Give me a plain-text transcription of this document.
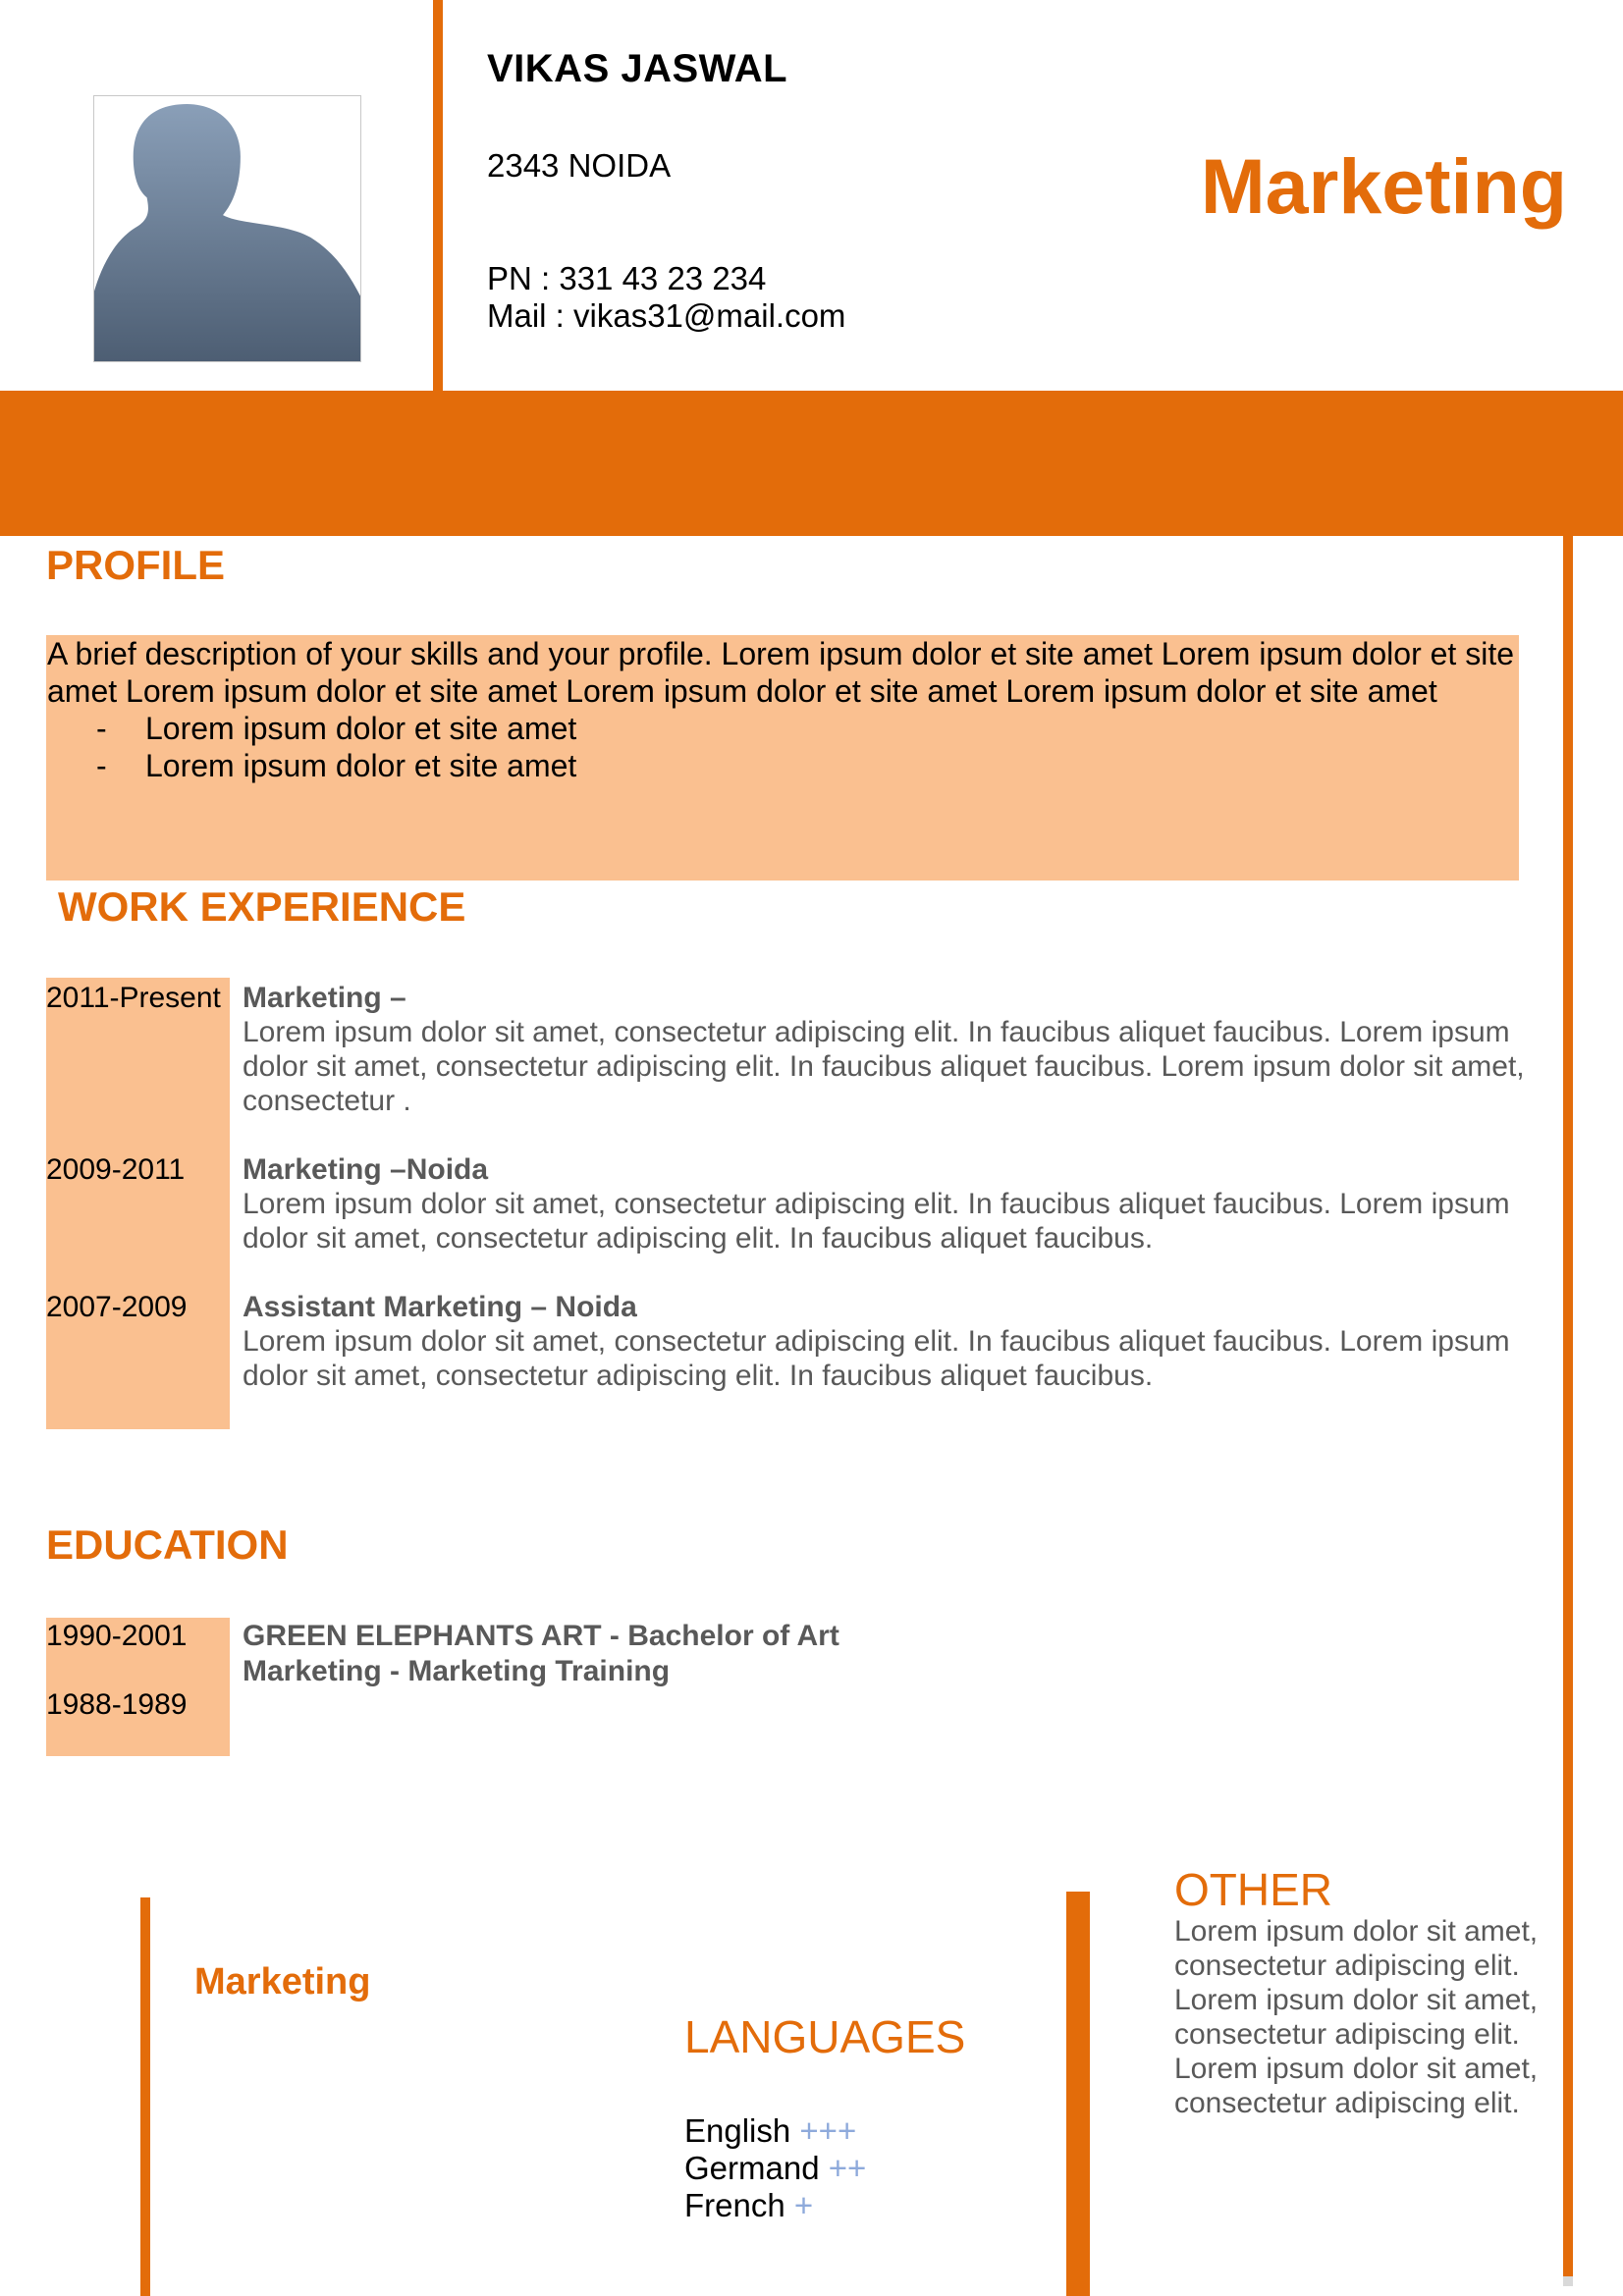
VIKAS JASWAL
2343 NOIDA
PN : 331 43 23 234
Mail : vikas31@mail.com
Marketing
PROFILE

A brief description of your skills and your profile. Lorem ipsum dolor et site amet Lorem ipsum dolor et site amet Lorem ipsum dolor et site amet Lorem ipsum dolor et site amet Lorem ipsum dolor et site amet

- Lorem ipsum dolor et site amet
- Lorem ipsum dolor et site amet
WORK EXPERIENCE
2011-Present Marketing –
Lorem ipsum dolor sit amet, consectetur adipiscing elit. In faucibus aliquet faucibus. Lorem ipsum dolor sit amet, consectetur adipiscing elit. In faucibus aliquet faucibus. Lorem ipsum dolor sit amet, consectetur .
2009-2011 Marketing –Noida
Lorem ipsum dolor sit amet, consectetur adipiscing elit. In faucibus aliquet faucibus. Lorem ipsum dolor sit amet, consectetur adipiscing elit. In faucibus aliquet faucibus.
2007-2009 Assistant Marketing – Noida
Lorem ipsum dolor sit amet, consectetur adipiscing elit. In faucibus aliquet faucibus. Lorem ipsum dolor sit amet, consectetur adipiscing elit. In faucibus aliquet faucibus.
EDUCATION
1990-2001
1988-1989
GREEN ELEPHANTS ART - Bachelor of Art
Marketing - Marketing Training
Marketing
LANGUAGES
English +++
Germand ++
French +
OTHER
Lorem ipsum dolor sit amet,
consectetur adipiscing elit.
Lorem ipsum dolor sit amet,
consectetur adipiscing elit.
Lorem ipsum dolor sit amet,
consectetur adipiscing elit.
